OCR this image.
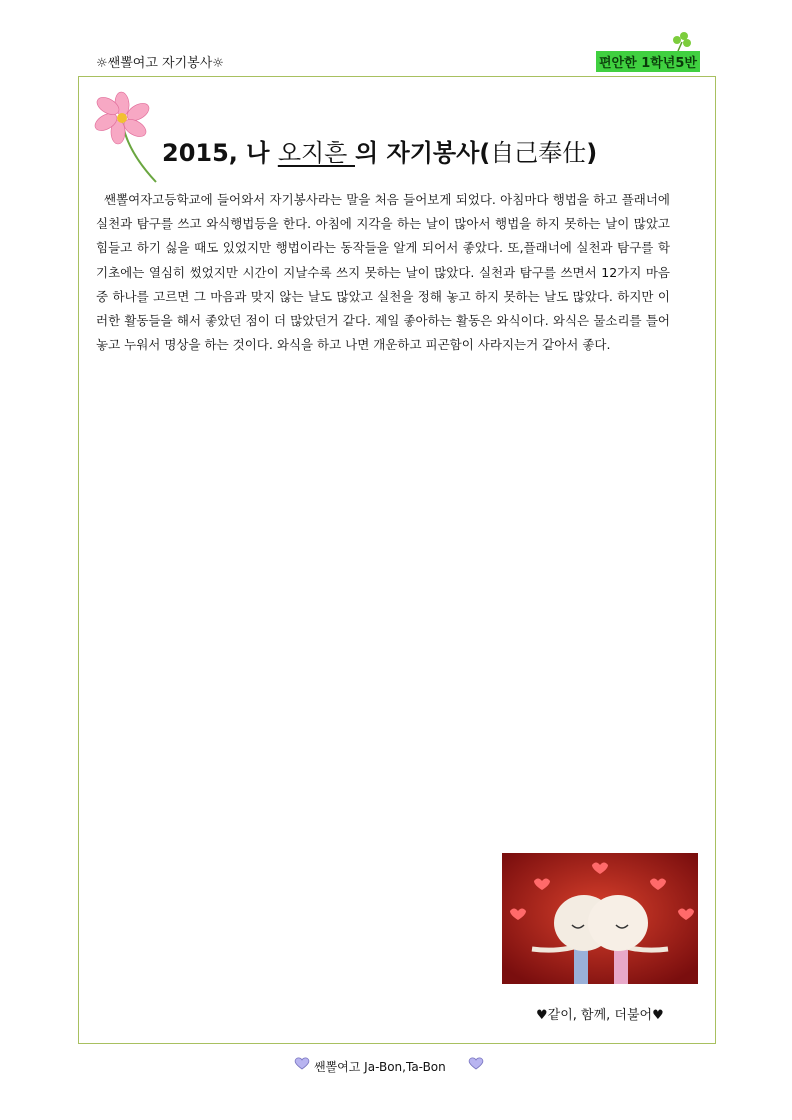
☼쌘뽈여고 자기봉사☼	편안한 1학년5반
2015, 나 오지흔 의 자기봉사(自己奉仕)

쌘뽈여자고등학교에 들어와서 자기봉사라는 말을 처음 들어보게 되었다. 아침마다 행법을 하고 플래너에 실천과 탐구를 쓰고 와식행법등을 한다. 아침에 지각을 하는 날이 많아서 행법을 하지 못하는 날이 많았고 힘들고 하기 싫을 때도 있었지만 행법이라는 동작들을 알게 되어서 좋았다. 또,플래너에 실천과 탐구를 학기초에는 열심히 썼었지만 시간이 지날수록 쓰지 못하는 날이 많았다. 실천과 탐구를 쓰면서 12가지 마음 중 하나를 고르면 그 마음과 맞지 않는 날도 많았고 실천을 정해 놓고 하지 못하는 날도 많았다. 하지만 이러한 활동들을 해서 좋았던 점이 더 많았던거 같다. 제일 좋아하는 활동은 와식이다. 와식은 물소리를 틀어놓고 누워서 명상을 하는 것이다. 와식을 하고 나면 개운하고 피곤함이 사라지는거 같아서 좋다.

♥같이, 함께, 더불어♥
쌘뽈여고 Ja-Bon,Ta-Bon
